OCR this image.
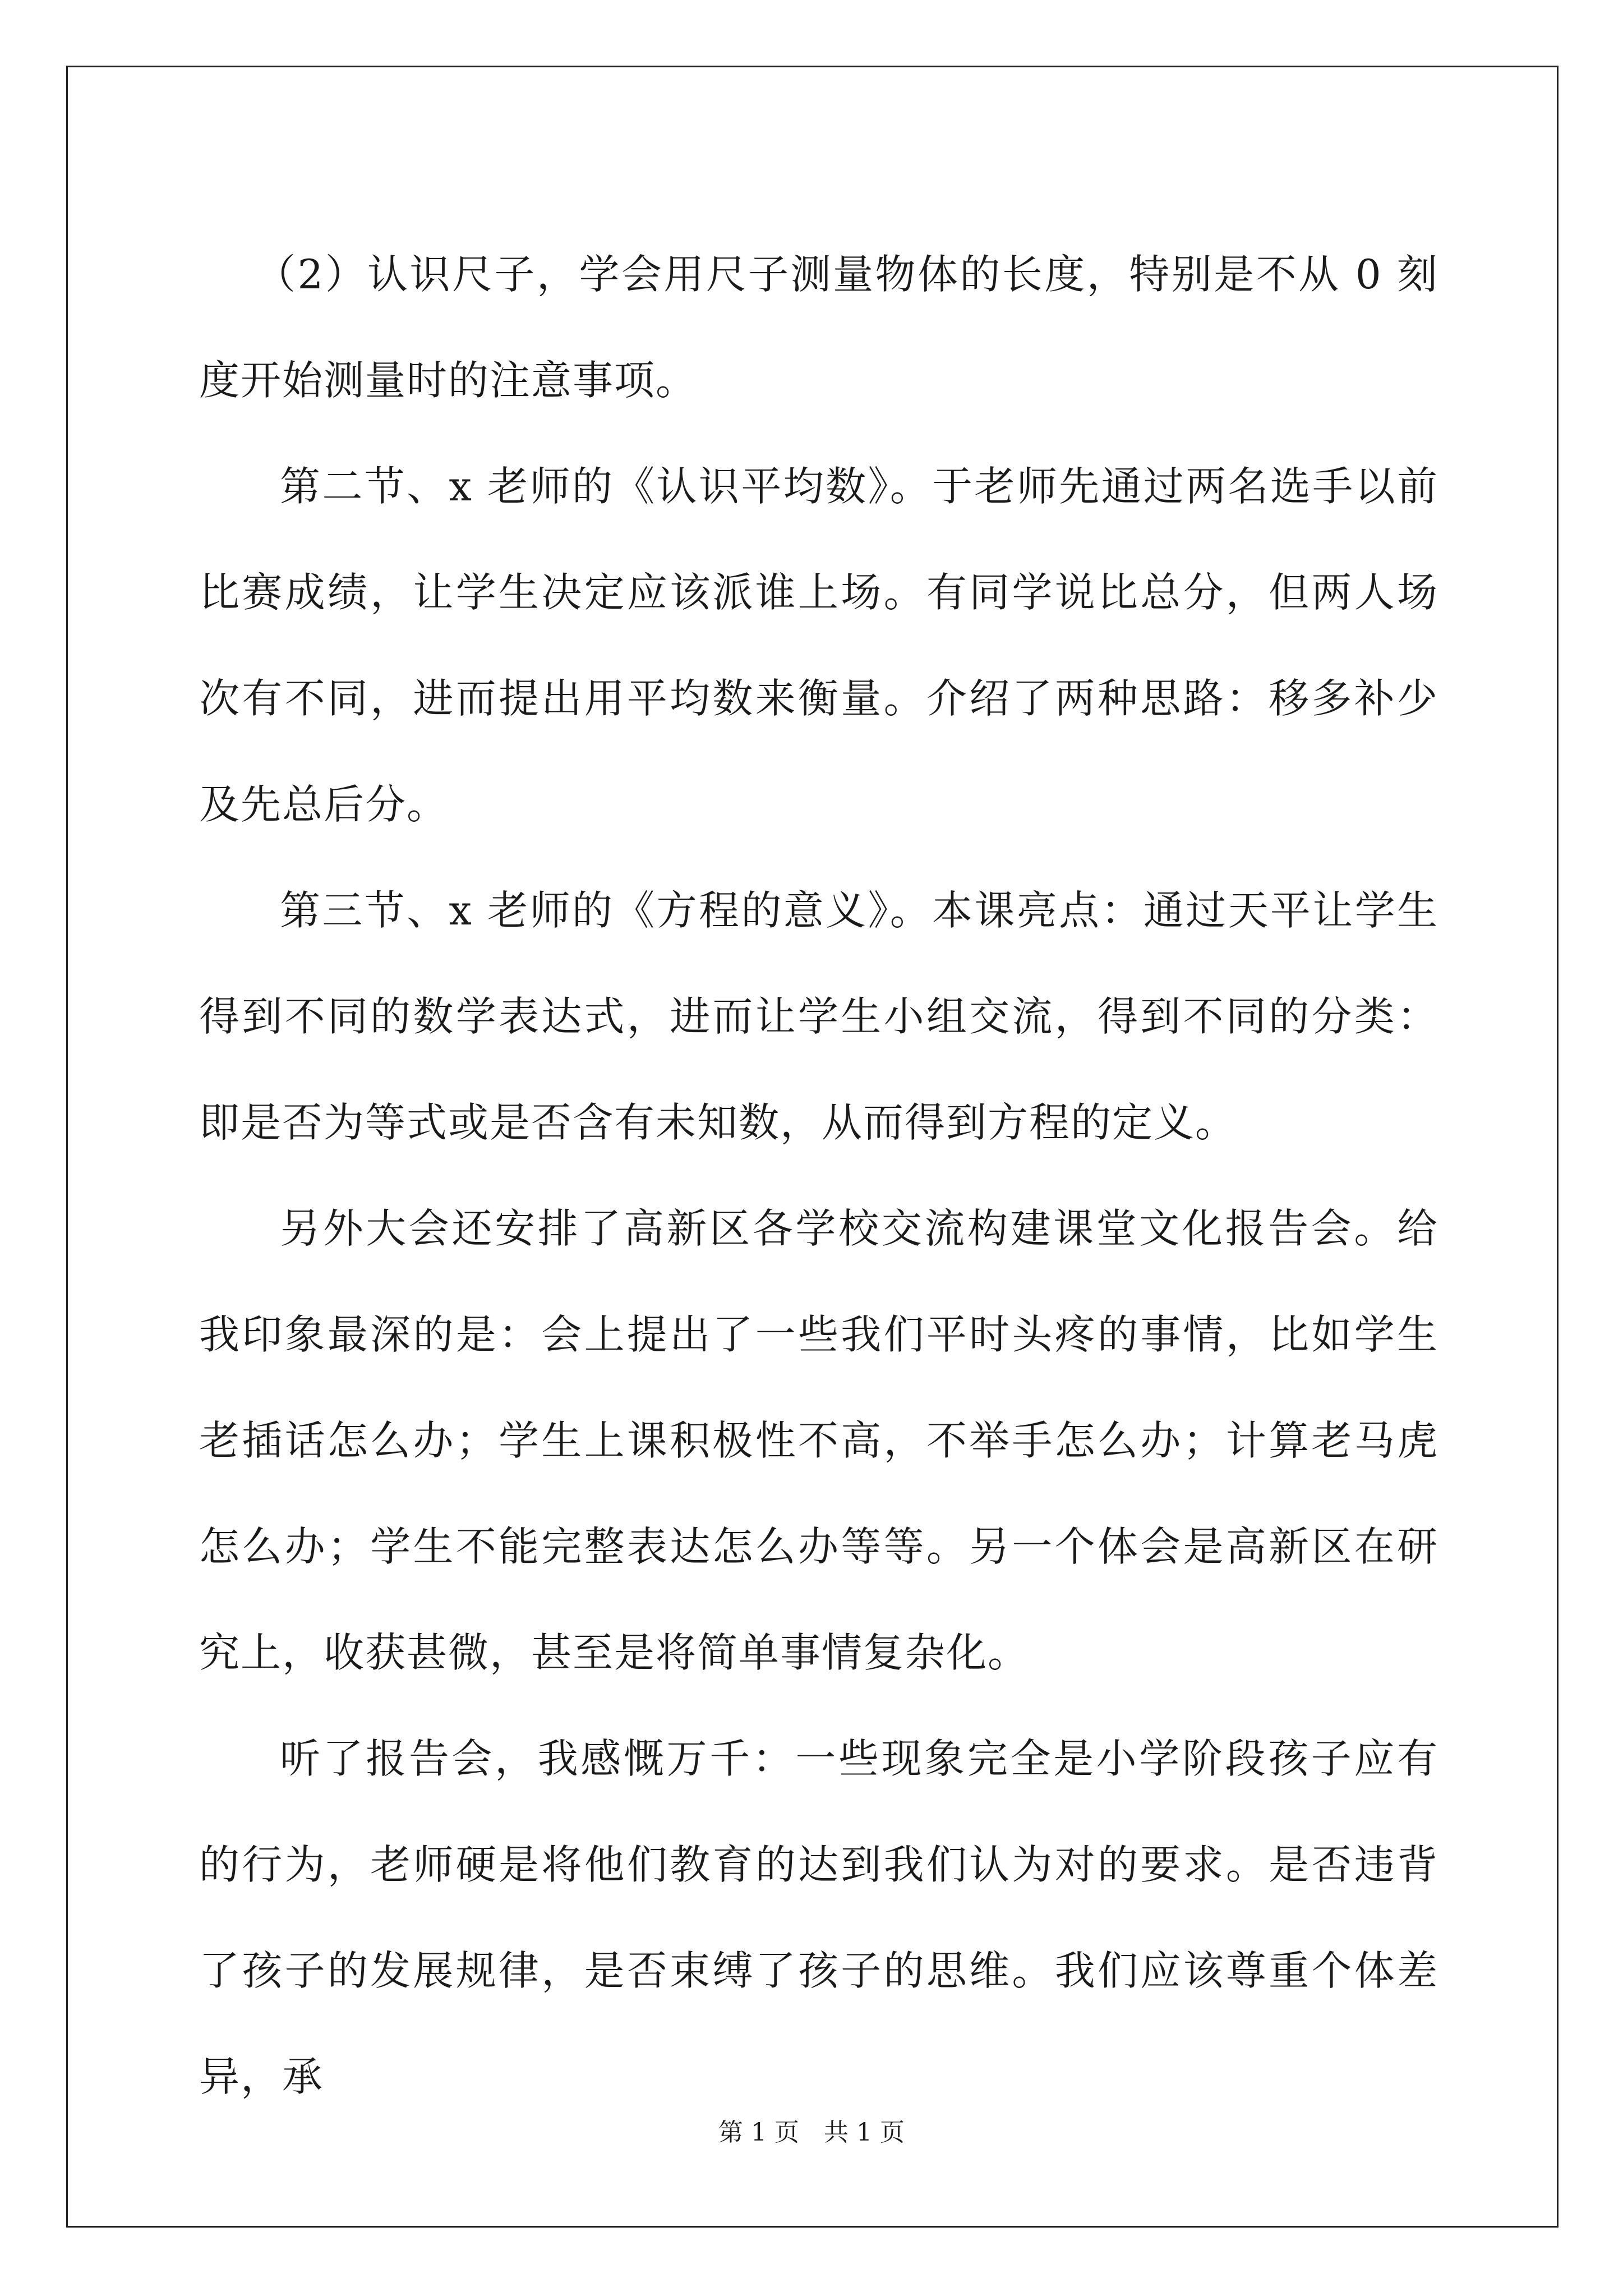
（2）认识尺子，学会用尺子测量物体的长度，特别是不从 0 刻度开始测量时的注意事项。

第二节、x 老师的《认识平均数》。于老师先通过两名选手以前比赛成绩，让学生决定应该派谁上场。有同学说比总分，但两人场次有不同，进而提出用平均数来衡量。介绍了两种思路：移多补少及先总后分。

第三节、x 老师的《方程的意义》。本课亮点：通过天平让学生得到不同的数学表达式，进而让学生小组交流，得到不同的分类：即是否为等式或是否含有未知数，从而得到方程的定义。

另外大会还安排了高新区各学校交流构建课堂文化报告会。给我印象最深的是：会上提出了一些我们平时头疼的事情，比如学生老插话怎么办；学生上课积极性不高，不举手怎么办；计算老马虎怎么办；学生不能完整表达怎么办等等。另一个体会是高新区在研究上，收获甚微，甚至是将简单事情复杂化。

听了报告会，我感慨万千：一些现象完全是小学阶段孩子应有的行为，老师硬是将他们教育的达到我们认为对的要求。是否违背了孩子的发展规律，是否束缚了孩子的思维。我们应该尊重个体差异，承

第 1 页　共 1 页
